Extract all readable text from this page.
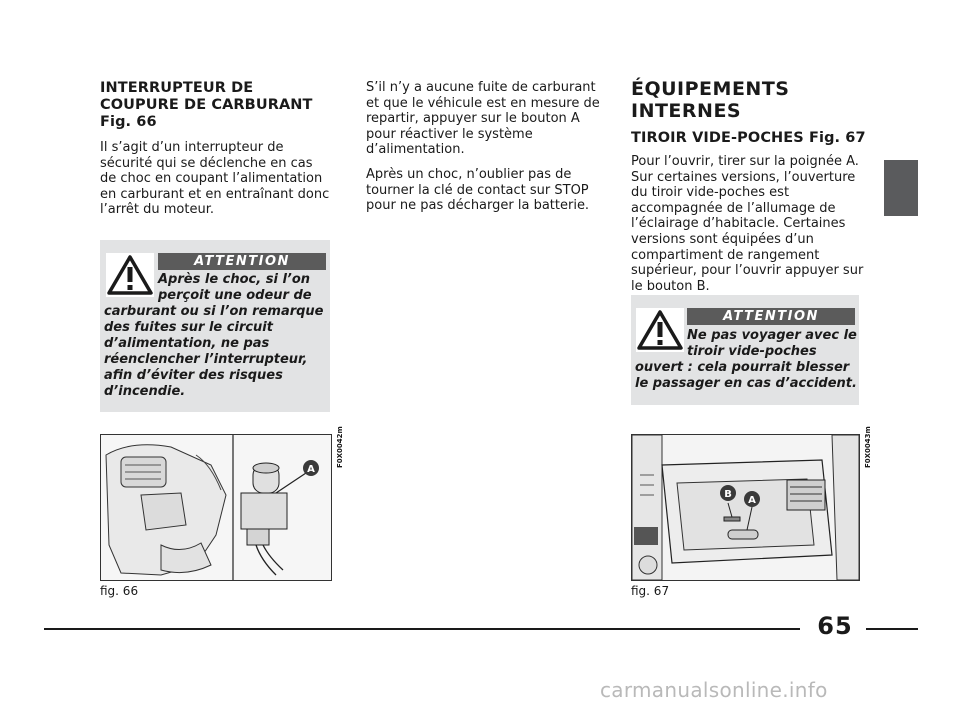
INTERRUPTEUR DE
COUPURE DE CARBURANT
Fig. 66

Il s’agit d’un interrupteur de sécurité qui se déclenche en cas de choc en coupant l’alimentation en carburant et en entraînant donc l’arrêt du moteur.

ATTENTION
Après le choc, si l’on perçoit une odeur de carburant ou si l’on remarque des fuites sur le circuit d’alimentation, ne pas réenclencher l’interrupteur, afin d’éviter des risques d’incendie.
A
F0X0042m
fig. 66

S’il n’y a aucune fuite de carburant et que le véhicule est en mesure de repartir, appuyer sur le bouton A pour réactiver le système d’alimentation.

Après un choc, n’oublier pas de tourner la clé de contact sur STOP pour ne pas décharger la batterie.

ÉQUIPEMENTS
INTERNES
TIROIR VIDE-POCHES Fig. 67

Pour l’ouvrir, tirer sur la poignée A. Sur certaines versions, l’ouverture du tiroir vide-poches est accompagnée de l’allumage de l’éclairage d’habitacle. Certaines versions sont équipées d’un compartiment de rangement supérieur, pour l’ouvrir appuyer sur le bouton B.

ATTENTION
Ne pas voyager avec le tiroir vide-poches ouvert : cela pourrait blesser le passager en cas d’accident.
B
A
F0X0043m
fig. 67
65
carmanualsonline.info
